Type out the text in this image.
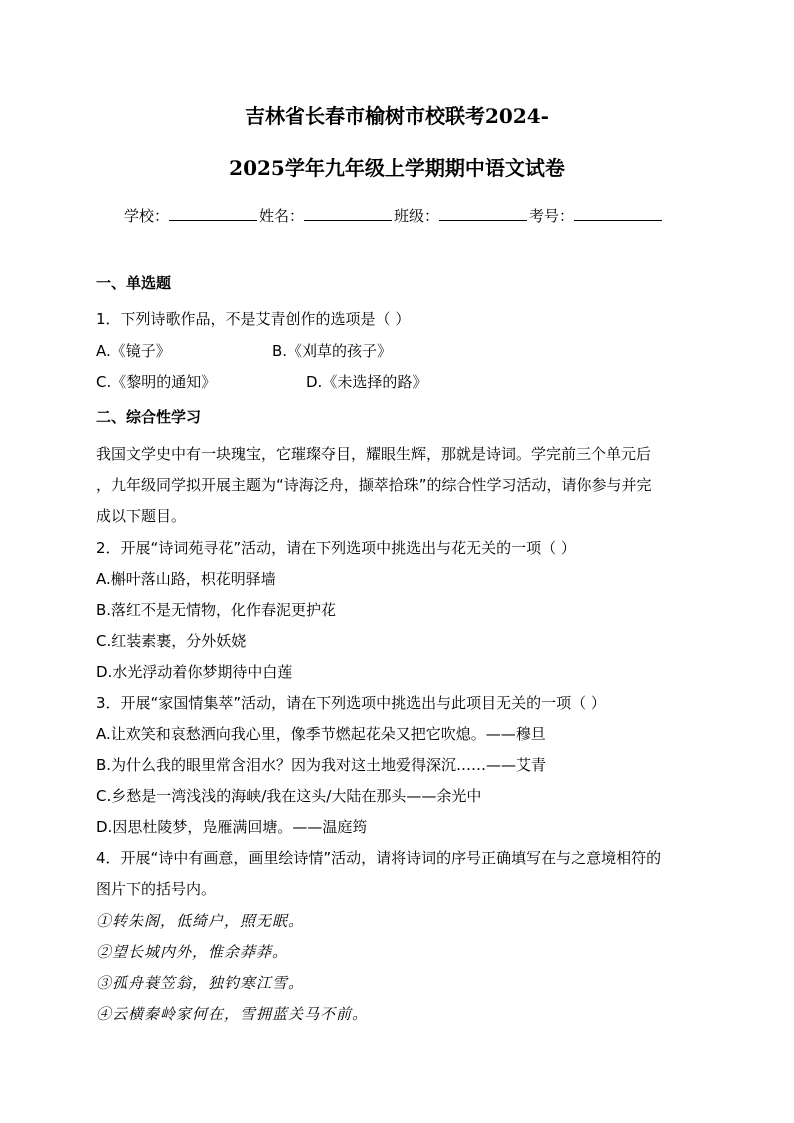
吉林省长春市榆树市校联考2024-
2025学年九年级上学期期中语文试卷
学校：	姓名：	班级：	考号：
一、单选题
1．下列诗歌作品，不是艾青创作的选项是（ ）
A.《镜子》	B.《刈草的孩子》
C.《黎明的通知》	D.《未选择的路》
二、综合性学习
我国文学史中有一块瑰宝，它璀璨夺目，耀眼生辉，那就是诗词。学完前三个单元后
，九年级同学拟开展主题为“诗海泛舟，撷萃拾珠”的综合性学习活动，请你参与并完
成以下题目。
2．开展“诗词苑寻花”活动，请在下列选项中挑选出与花无关的一项（ ）
A.槲叶落山路，枳花明驿墙
B.落红不是无情物，化作春泥更护花
C.红装素裹，分外妖娆
D.水光浮动着你梦期待中白莲
3．开展“家国情集萃”活动，请在下列选项中挑选出与此项目无关的一项（ ）
A.让欢笑和哀愁洒向我心里，像季节燃起花朵又把它吹熄。——穆旦
B.为什么我的眼里常含泪水？因为我对这土地爱得深沉……——艾青
C.乡愁是一湾浅浅的海峡/我在这头/大陆在那头——余光中
D.因思杜陵梦，凫雁满回塘。——温庭筠
4．开展“诗中有画意，画里绘诗情”活动，请将诗词的序号正确填写在与之意境相符的
图片下的括号内。
①转朱阁，低绮户，照无眠。
②望长城内外，惟余莽莽。
③孤舟蓑笠翁，独钓寒江雪。
④云横秦岭家何在，雪拥蓝关马不前。
